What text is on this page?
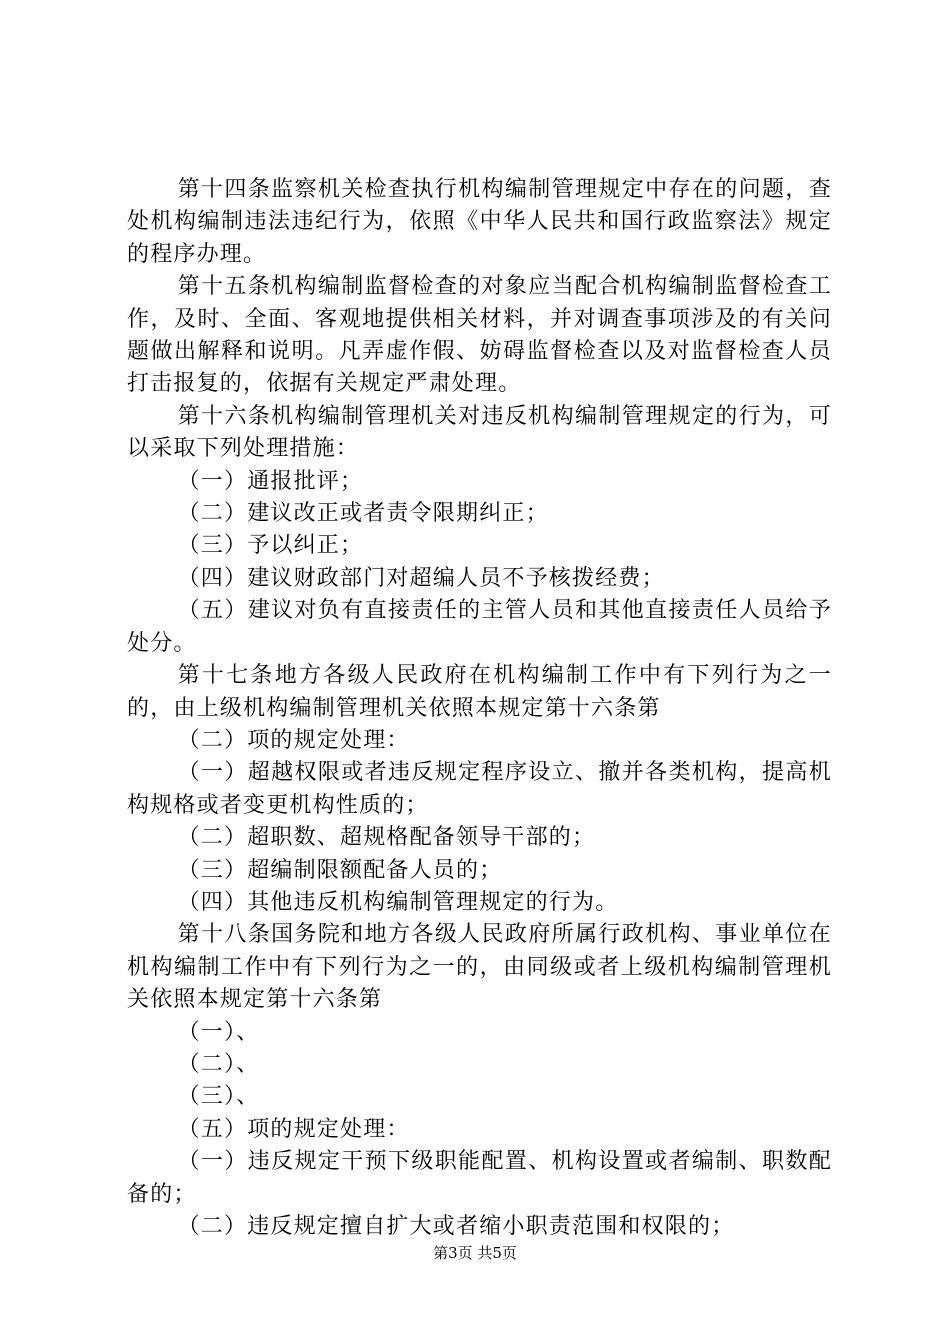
第十四条监察机关检查执行机构编制管理规定中存在的问题，查处机构编制违法违纪行为，依照《中华人民共和国行政监察法》规定的程序办理。

第十五条机构编制监督检查的对象应当配合机构编制监督检查工作，及时、全面、客观地提供相关材料，并对调查事项涉及的有关问题做出解释和说明。凡弄虚作假、妨碍监督检查以及对监督检查人员打击报复的，依据有关规定严肃处理。

第十六条机构编制管理机关对违反机构编制管理规定的行为，可以采取下列处理措施：

（一）通报批评；

（二）建议改正或者责令限期纠正；

（三）予以纠正；

（四）建议财政部门对超编人员不予核拨经费；

（五）建议对负有直接责任的主管人员和其他直接责任人员给予处分。

第十七条地方各级人民政府在机构编制工作中有下列行为之一的，由上级机构编制管理机关依照本规定第十六条第

（二）项的规定处理：

（一）超越权限或者违反规定程序设立、撤并各类机构，提高机构规格或者变更机构性质的；

（二）超职数、超规格配备领导干部的；

（三）超编制限额配备人员的；

（四）其他违反机构编制管理规定的行为。

第十八条国务院和地方各级人民政府所属行政机构、事业单位在机构编制工作中有下列行为之一的，由同级或者上级机构编制管理机关依照本规定第十六条第

（一）、

（二）、

（三）、

（五）项的规定处理：

（一）违反规定干预下级职能配置、机构设置或者编制、职数配备的；

（二）违反规定擅自扩大或者缩小职责范围和权限的；

第3页 共5页
